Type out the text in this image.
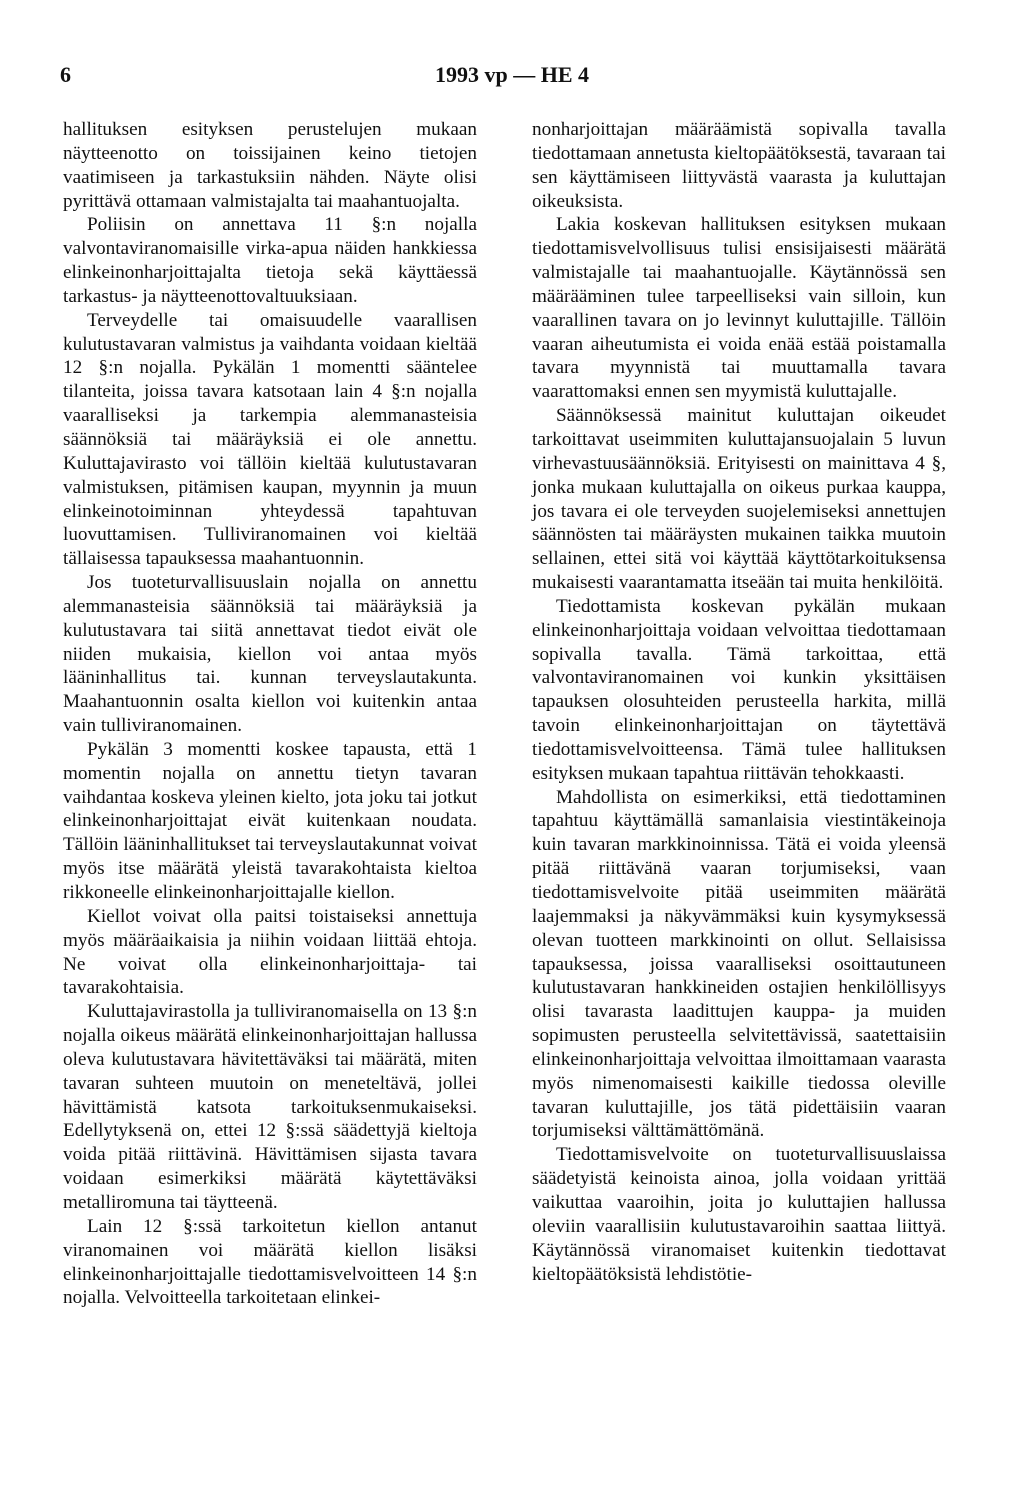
6	1993 vp — HE 4

hallituksen esityksen perustelujen mukaan näytteenotto on toissijainen keino tietojen vaatimiseen ja tarkastuksiin nähden. Näyte olisi pyrittävä ottamaan valmistajalta tai maahantuojalta.

Poliisin on annettava 11 §:n nojalla valvontaviranomaisille virka-apua näiden hankkiessa elinkeinonharjoittajalta tietoja sekä käyttäessä tarkastus- ja näytteenottovaltuuksiaan.

Terveydelle tai omaisuudelle vaarallisen kulutustavaran valmistus ja vaihdanta voidaan kieltää 12 §:n nojalla. Pykälän 1 momentti sääntelee tilanteita, joissa tavara katsotaan lain 4 §:n nojalla vaaralliseksi ja tarkempia alemmanasteisia säännöksiä tai määräyksiä ei ole annettu. Kuluttajavirasto voi tällöin kieltää kulutustavaran valmistuksen, pitämisen kaupan, myynnin ja muun elinkeinotoiminnan yhteydessä tapahtuvan luovuttamisen. Tulliviranomainen voi kieltää tällaisessa tapauksessa maahantuonnin.

Jos tuoteturvallisuuslain nojalla on annettu alemmanasteisia säännöksiä tai määräyksiä ja kulutustavara tai siitä annettavat tiedot eivät ole niiden mukaisia, kiellon voi antaa myös lääninhallitus tai. kunnan terveyslautakunta. Maahantuonnin osalta kiellon voi kuitenkin antaa vain tulliviranomainen.

Pykälän 3 momentti koskee tapausta, että 1 momentin nojalla on annettu tietyn tavaran vaihdantaa koskeva yleinen kielto, jota joku tai jotkut elinkeinonharjoittajat eivät kuitenkaan noudata. Tällöin lääninhallitukset tai terveyslautakunnat voivat myös itse määrätä yleistä tavarakohtaista kieltoa rikkoneelle elinkeinonharjoittajalle kiellon.

Kiellot voivat olla paitsi toistaiseksi annettuja myös määräaikaisia ja niihin voidaan liittää ehtoja. Ne voivat olla elinkeinonharjoittaja- tai tavarakohtaisia.

Kuluttajavirastolla ja tulliviranomaisella on 13 §:n nojalla oikeus määrätä elinkeinonharjoittajan hallussa oleva kulutustavara hävitettäväksi tai määrätä, miten tavaran suhteen muutoin on meneteltävä, jollei hävittämistä katsota tarkoituksenmukaiseksi. Edellytyksenä on, ettei 12 §:ssä säädettyjä kieltoja voida pitää riittävinä. Hävittämisen sijasta tavara voidaan esimerkiksi määrätä käytettäväksi metalliromuna tai täytteenä.

Lain 12 §:ssä tarkoitetun kiellon antanut viranomainen voi määrätä kiellon lisäksi elinkeinonharjoittajalle tiedottamisvelvoitteen 14 §:n nojalla. Velvoitteella tarkoitetaan elinkei-

nonharjoittajan määräämistä sopivalla tavalla tiedottamaan annetusta kieltopäätöksestä, tavaraan tai sen käyttämiseen liittyvästä vaarasta ja kuluttajan oikeuksista.

Lakia koskevan hallituksen esityksen mukaan tiedottamisvelvollisuus tulisi ensisijaisesti määrätä valmistajalle tai maahantuojalle. Käytännössä sen määrääminen tulee tarpeelliseksi vain silloin, kun vaarallinen tavara on jo levinnyt kuluttajille. Tällöin vaaran aiheutumista ei voida enää estää poistamalla tavara myynnistä tai muuttamalla tavara vaarattomaksi ennen sen myymistä kuluttajalle.

Säännöksessä mainitut kuluttajan oikeudet tarkoittavat useimmiten kuluttajansuojalain 5 luvun virhevastuusäännöksiä. Erityisesti on mainittava 4 §, jonka mukaan kuluttajalla on oikeus purkaa kauppa, jos tavara ei ole terveyden suojelemiseksi annettujen säännösten tai määräysten mukainen taikka muutoin sellainen, ettei sitä voi käyttää käyttötarkoituksensa mukaisesti vaarantamatta itseään tai muita henkilöitä.

Tiedottamista koskevan pykälän mukaan elinkeinonharjoittaja voidaan velvoittaa tiedottamaan sopivalla tavalla. Tämä tarkoittaa, että valvontaviranomainen voi kunkin yksittäisen tapauksen olosuhteiden perusteella harkita, millä tavoin elinkeinonharjoittajan on täytettävä tiedottamisvelvoitteensa. Tämä tulee hallituksen esityksen mukaan tapahtua riittävän tehokkaasti.

Mahdollista on esimerkiksi, että tiedottaminen tapahtuu käyttämällä samanlaisia viestintäkeinoja kuin tavaran markkinoinnissa. Tätä ei voida yleensä pitää riittävänä vaaran torjumiseksi, vaan tiedottamisvelvoite pitää useimmiten määrätä laajemmaksi ja näkyvämmäksi kuin kysymyksessä olevan tuotteen markkinointi on ollut. Sellaisissa tapauksessa, joissa vaaralliseksi osoittautuneen kulutustavaran hankkineiden ostajien henkilöllisyys olisi tavarasta laadittujen kauppa- ja muiden sopimusten perusteella selvitettävissä, saatettaisiin elinkeinonharjoittaja velvoittaa ilmoittamaan vaarasta myös nimenomaisesti kaikille tiedossa oleville tavaran kuluttajille, jos tätä pidettäisiin vaaran torjumiseksi välttämättömänä.

Tiedottamisvelvoite on tuoteturvallisuuslaissa säädetyistä keinoista ainoa, jolla voidaan yrittää vaikuttaa vaaroihin, joita jo kuluttajien hallussa oleviin vaarallisiin kulutustavaroihin saattaa liittyä. Käytännössä viranomaiset kuitenkin tiedottavat kieltopäätöksistä lehdistötie-
